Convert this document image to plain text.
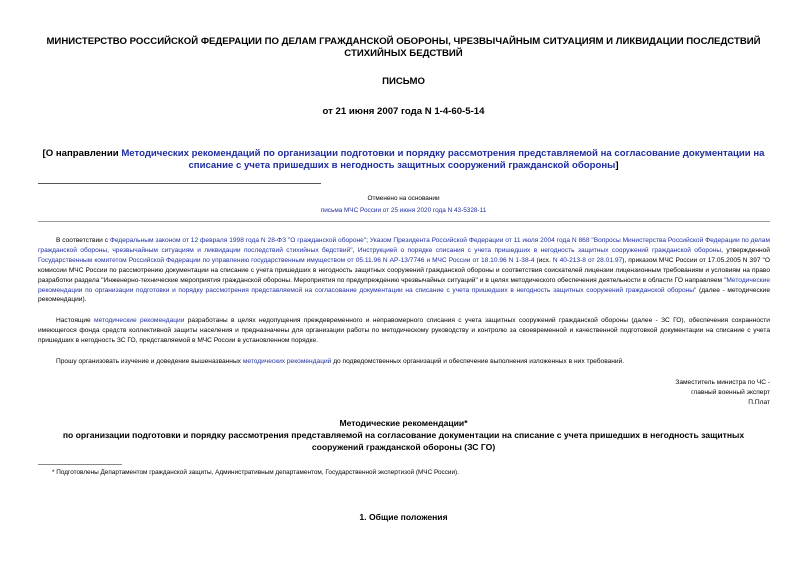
МИНИСТЕРСТВО РОССИЙСКОЙ ФЕДЕРАЦИИ ПО ДЕЛАМ ГРАЖДАНСКОЙ ОБОРОНЫ, ЧРЕЗВЫЧАЙНЫМ СИТУАЦИЯМ И ЛИКВИДАЦИИ ПОСЛЕДСТВИЙ СТИХИЙНЫХ БЕДСТВИЙ
ПИСЬМО
от 21 июня 2007 года N 1-4-60-5-14
[О направлении Методических рекомендаций по организации подготовки и порядку рассмотрения представляемой на согласование документации на списание с учета пришедших в негодность защитных сооружений гражданской обороны]
Отменено на основании
письма МЧС России от 25 июня 2020 года N 43-5328-11
В соответствии с Федеральным законом от 12 февраля 1998 года N 28-ФЗ "О гражданской обороне"; Указом Президента Российской Федерации от 11 июля 2004 года N 868 "Вопросы Министерства Российской Федерации по делам гражданской обороны, чрезвычайным ситуациям и ликвидации последствий стихийных бедствий", Инструкцией о порядке списания с учета пришедших в негодность защитных сооружений гражданской обороны, утвержденной Государственным комитетом Российской Федерации по управлению государственным имуществом от 05.11.96 N АР-13/7746 и МЧС России от 18.10.96 N 1-38-4 (исх. N 40-213-8 от 28.01.97), приказом МЧС России от 17.05.2005 N 397 "О комиссии МЧС России по рассмотрению документации на списание с учета пришедших в негодность защитных сооружений гражданской обороны и соответствия соискателей лицензии лицензионным требованиям и условиям на право разработки раздела "Инженерно-технические мероприятия гражданской обороны. Мероприятия по предупреждению чрезвычайных ситуаций" и в целях методического обеспечения деятельности в области ГО направляем "Методические рекомендации по организации подготовки и порядку рассмотрения представляемой на согласование документации на списание с учета пришедших в негодность защитных сооружений гражданской обороны" (далее - методические рекомендации).
Настоящие методические рекомендации разработаны в целях недопущения преждевременного и неправомерного списания с учета защитных сооружений гражданской обороны (далее - ЗС ГО), обеспечения сохранности имеющегося фонда средств коллективной защиты населения и предназначены для организации работы по методическому руководству и контролю за своевременной и качественной подготовкой документации на списание с учета пришедших в негодность ЗС ГО, представляемой в МЧС России в установленном порядке.
Прошу организовать изучение и доведение вышеназванных методических рекомендаций до подведомственных организаций и обеспечение выполнения изложенных в них требований.
Заместитель министра по ЧС -
главный военный эксперт
П.Плат
Методические рекомендации*
по организации подготовки и порядку рассмотрения представляемой на согласование документации на списание с учета пришедших в негодность защитных сооружений гражданской обороны (ЗС ГО)
* Подготовлены Департаментом гражданской защиты, Административным департаментом, Государственной экспертизой (МЧС России).
1. Общие положения
